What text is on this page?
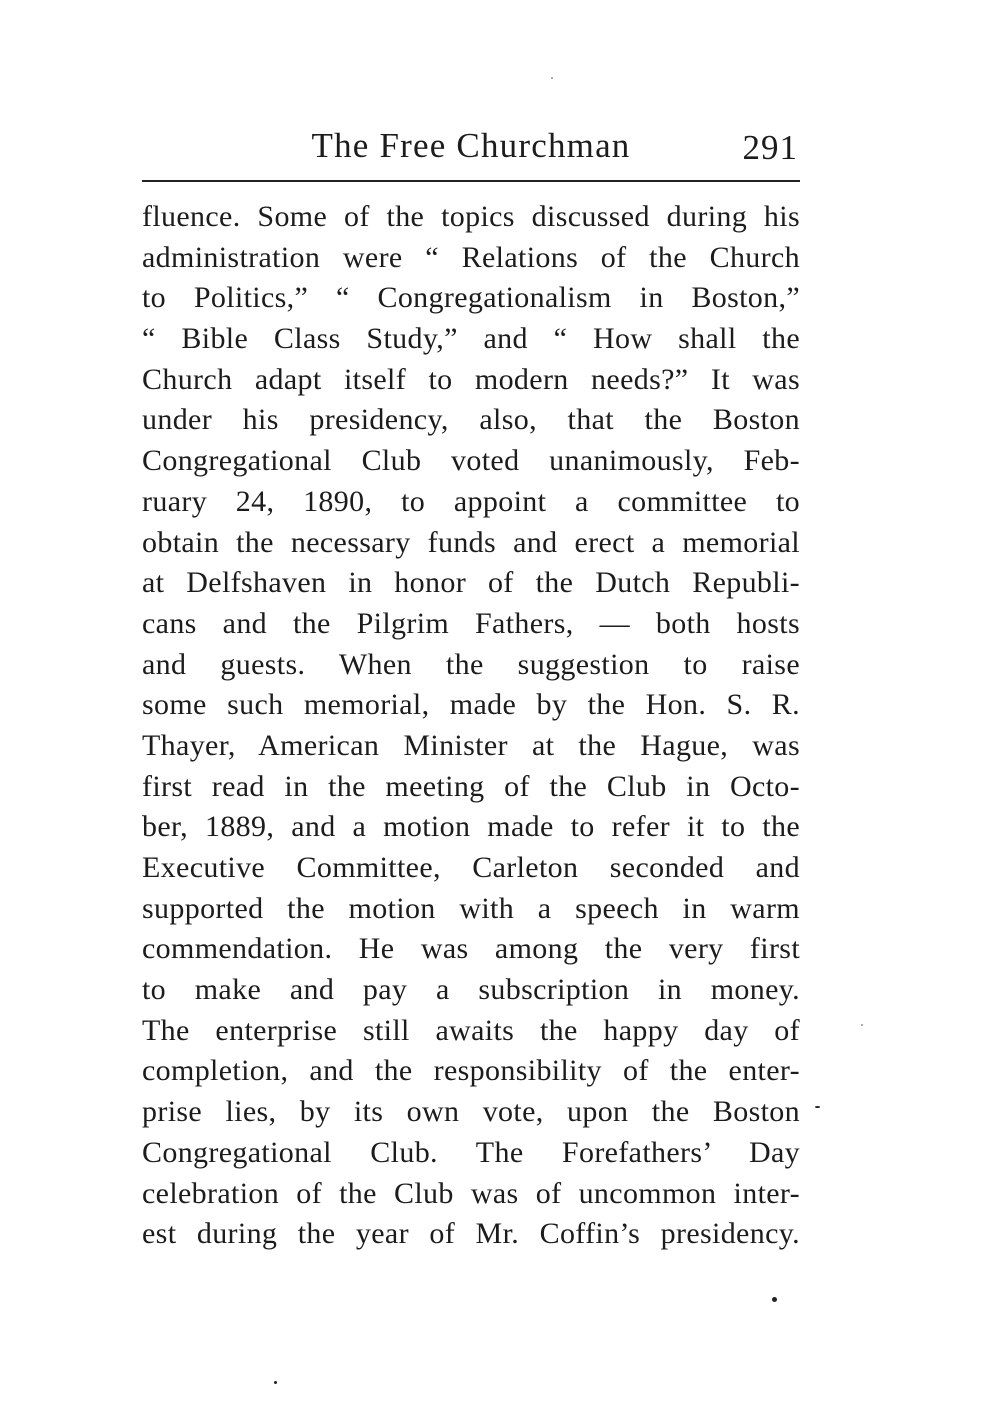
The Free Churchman	291
fluence. Some of the topics discussed during his
administration were “ Relations of the Church
to Politics,” “ Congregationalism in Boston,”
“ Bible Class Study,” and “ How shall the
Church adapt itself to modern needs?” It was
under his presidency, also, that the Boston
Congregational Club voted unanimously, Feb-
ruary 24, 1890, to appoint a committee to
obtain the necessary funds and erect a memorial
at Delfshaven in honor of the Dutch Republi-
cans and the Pilgrim Fathers, — both hosts
and guests. When the suggestion to raise
some such memorial, made by the Hon. S. R.
Thayer, American Minister at the Hague, was
first read in the meeting of the Club in Octo-
ber, 1889, and a motion made to refer it to the
Executive Committee, Carleton seconded and
supported the motion with a speech in warm
commendation. He was among the very first
to make and pay a subscription in money.
The enterprise still awaits the happy day of
completion, and the responsibility of the enter-
prise lies, by its own vote, upon the Boston
Congregational Club. The Forefathers’ Day
celebration of the Club was of uncommon inter-
est during the year of Mr. Coffin’s presidency.
